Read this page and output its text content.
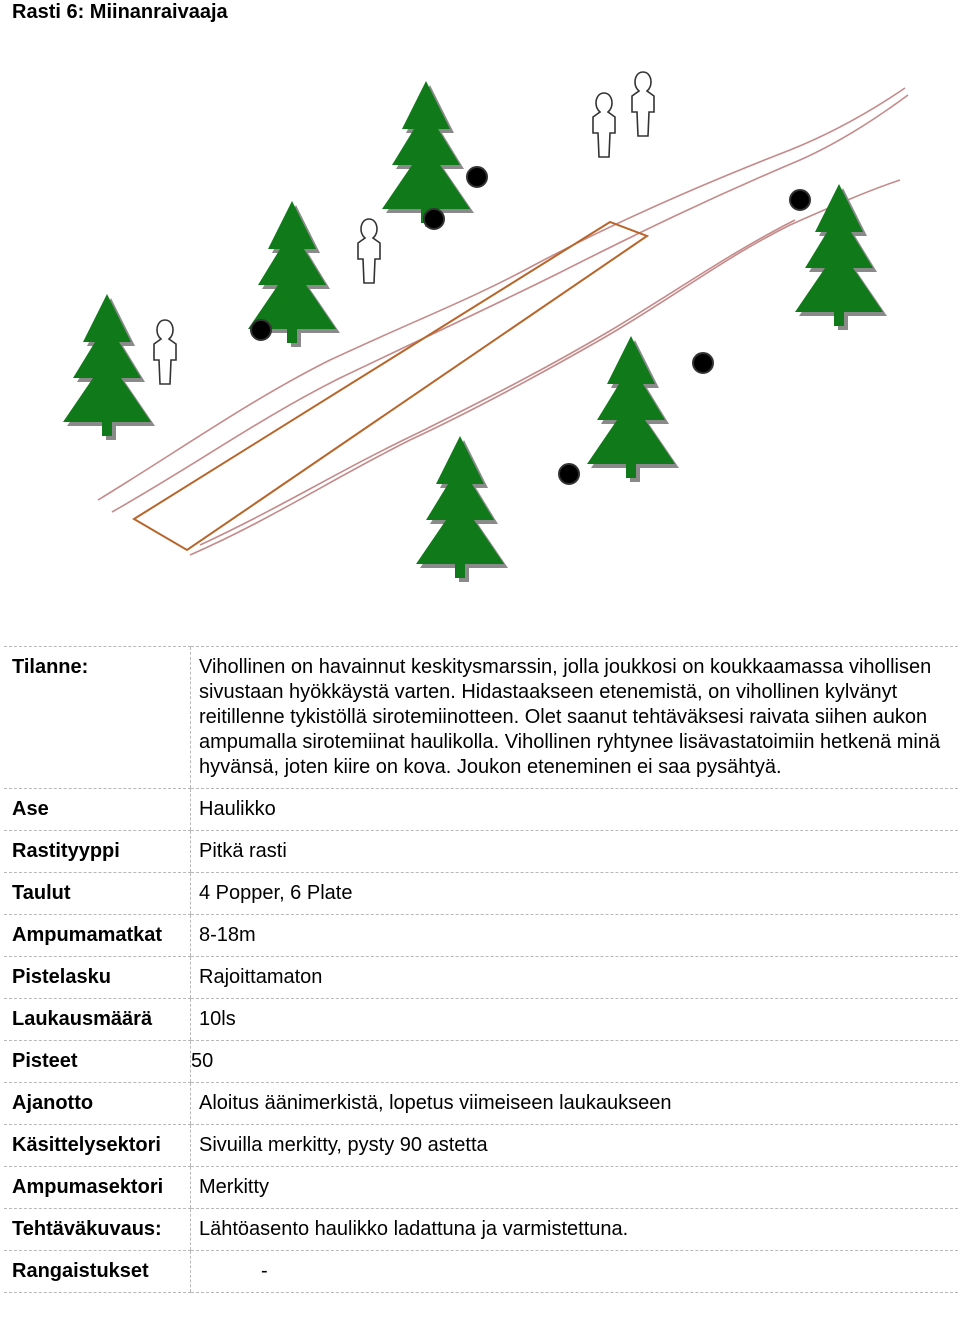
Rasti 6: Miinanraivaaja
Tilanne:	Vihollinen on havainnut keskitysmarssin, jolla joukkosi on koukkaamassa vihollisen sivustaan hyökkäystä varten. Hidastaakseen etenemistä, on vihollinen kylvänyt reitillenne tykistöllä sirotemiinotteen. Olet saanut tehtäväksesi raivata siihen aukon ampumalla sirotemiinat haulikolla. Vihollinen ryhtynee lisävastatoimiin hetkenä minä hyvänsä, joten kiire on kova. Joukon eteneminen ei saa pysähtyä.
Ase	Haulikko
Rastityyppi	Pitkä rasti
Taulut	4 Popper, 6 Plate
Ampumamatkat	8-18m
Pistelasku	Rajoittamaton
Laukausmäärä	10ls
Pisteet	50
Ajanotto	Aloitus äänimerkistä, lopetus viimeiseen laukaukseen
Käsittelysektori	Sivuilla merkitty, pysty 90 astetta
Ampumasektori	Merkitty
Tehtäväkuvaus:	Lähtöasento haulikko ladattuna ja varmistettuna.
Rangaistukset	-
